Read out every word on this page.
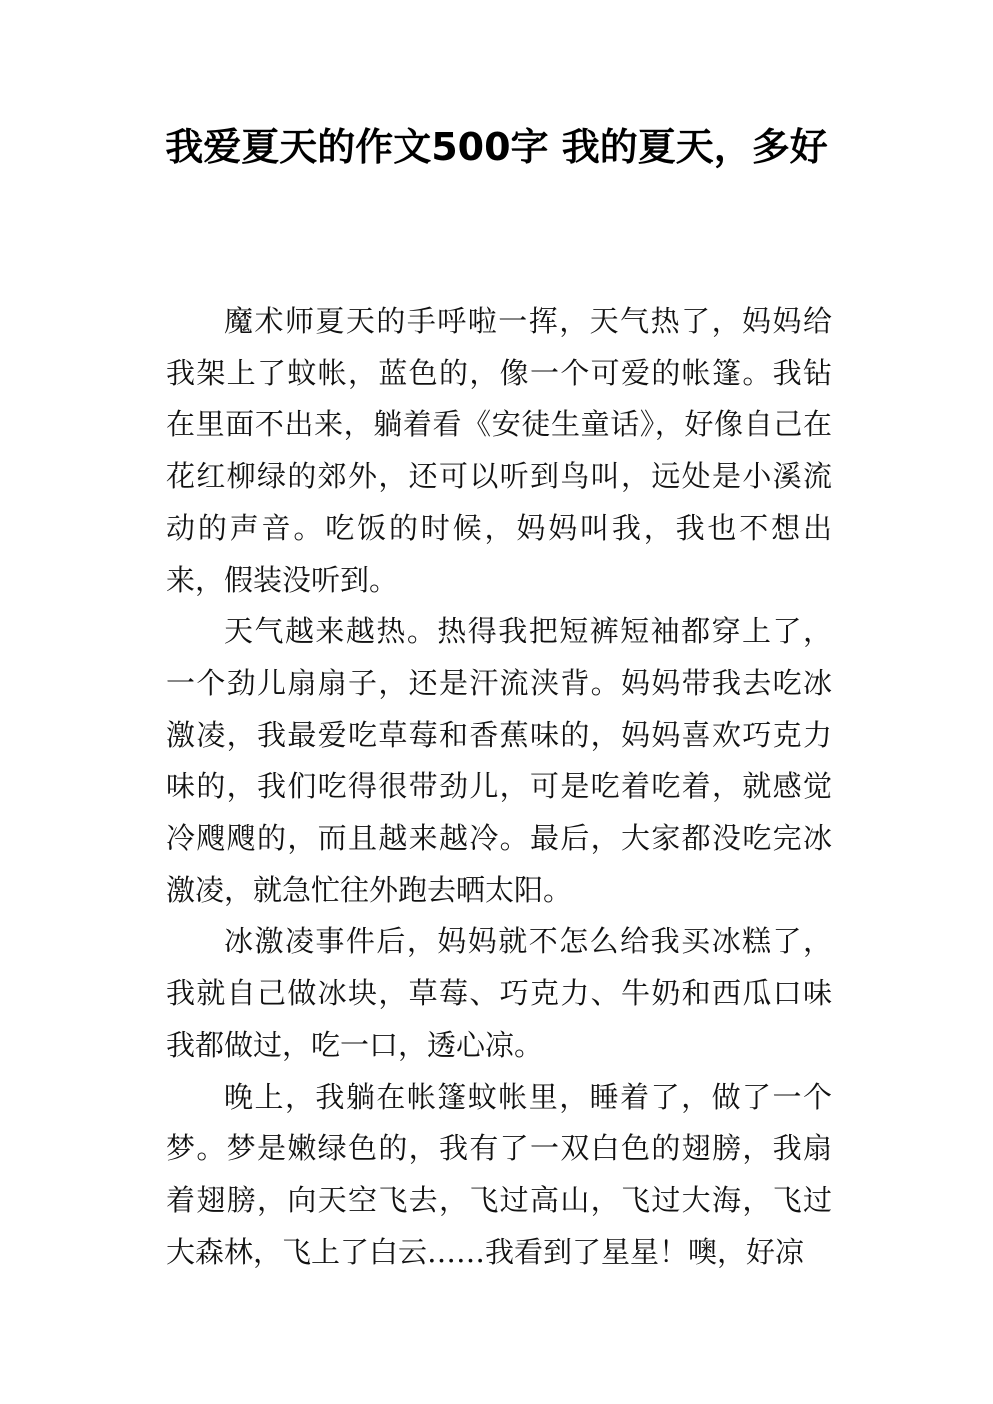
我爱夏天的作文500字 我的夏天，多好

魔术师夏天的手呼啦一挥，天气热了，妈妈给我架上了蚊帐，蓝色的，像一个可爱的帐篷。我钻在里面不出来，躺着看《安徒生童话》，好像自己在花红柳绿的郊外，还可以听到鸟叫，远处是小溪流动的声音。吃饭的时候，妈妈叫我，我也不想出来，假装没听到。

天气越来越热。热得我把短裤短袖都穿上了，一个劲儿扇扇子，还是汗流浃背。妈妈带我去吃冰激凌，我最爱吃草莓和香蕉味的，妈妈喜欢巧克力味的，我们吃得很带劲儿，可是吃着吃着，就感觉冷飕飕的，而且越来越冷。最后，大家都没吃完冰激凌，就急忙往外跑去晒太阳。

冰激凌事件后，妈妈就不怎么给我买冰糕了，我就自己做冰块，草莓、巧克力、牛奶和西瓜口味我都做过，吃一口，透心凉。

晚上，我躺在帐篷蚊帐里，睡着了，做了一个梦。梦是嫩绿色的，我有了一双白色的翅膀，我扇着翅膀，向天空飞去，飞过高山，飞过大海，飞过大森林，飞上了白云……我看到了星星！噢，好凉
